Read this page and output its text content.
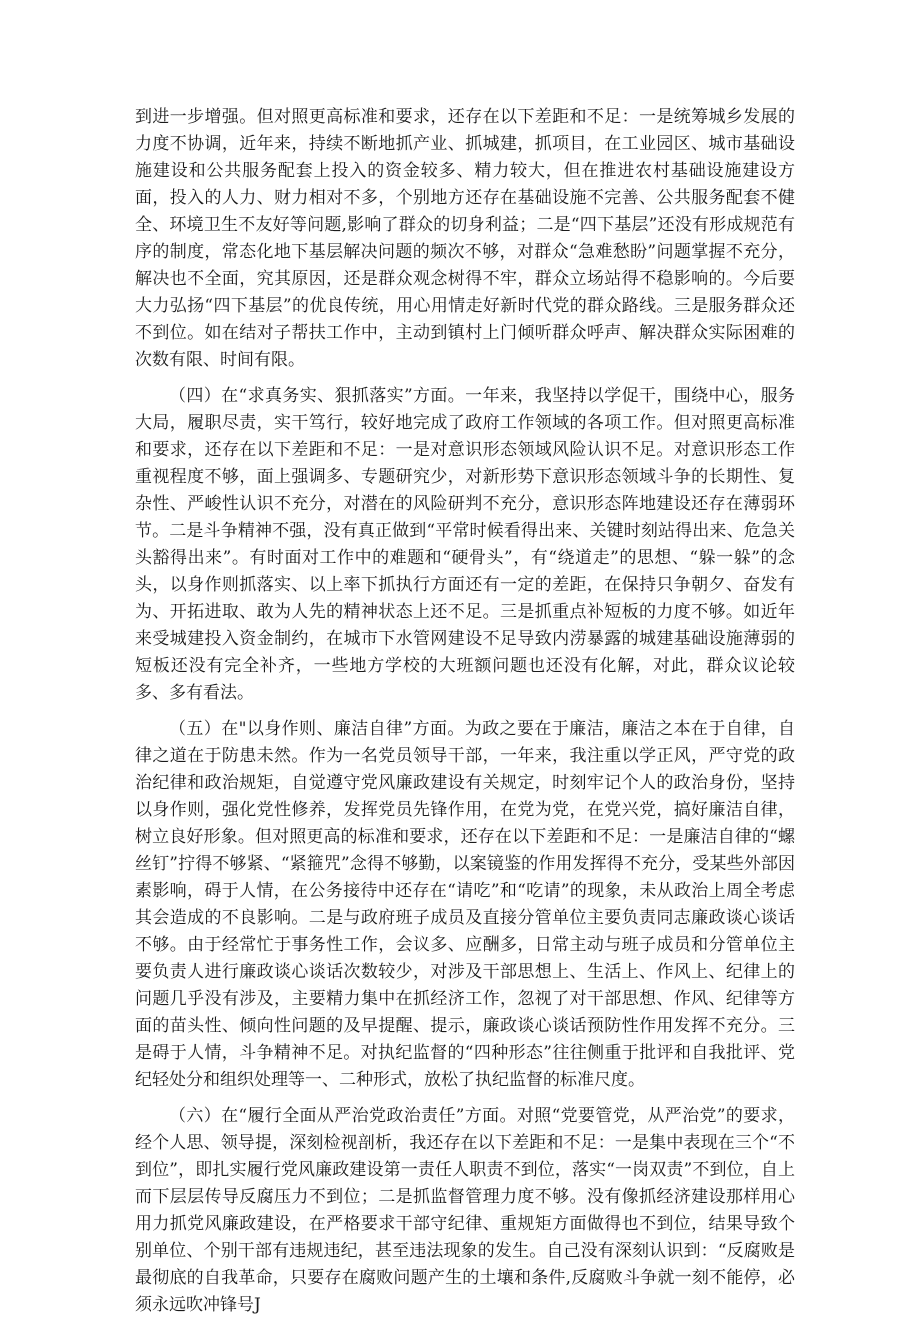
到进一步增强。但对照更高标准和要求，还存在以下差距和不足：一是统筹城乡发展的力度不协调，近年来，持续不断地抓产业、抓城建，抓项目，在工业园区、城市基础设施建设和公共服务配套上投入的资金较多、精力较大，但在推进农村基础设施建设方面，投入的人力、财力相对不多，个别地方还存在基础设施不完善、公共服务配套不健全、环境卫生不友好等问题,影响了群众的切身利益；二是“四下基层”还没有形成规范有序的制度，常态化地下基层解决问题的频次不够，对群众“急难愁盼”问题掌握不充分，解决也不全面，究其原因，还是群众观念树得不牢，群众立场站得不稳影响的。今后要大力弘扬“四下基层”的优良传统，用心用情走好新时代党的群众路线。三是服务群众还不到位。如在结对子帮扶工作中，主动到镇村上门倾听群众呼声、解决群众实际困难的次数有限、时间有限。

（四）在“求真务实、狠抓落实”方面。一年来，我坚持以学促干，围绕中心，服务大局，履职尽责，实干笃行，较好地完成了政府工作领域的各项工作。但对照更高标准和要求，还存在以下差距和不足：一是对意识形态领域风险认识不足。对意识形态工作重视程度不够，面上强调多、专题研究少，对新形势下意识形态领域斗争的长期性、复杂性、严峻性认识不充分，对潜在的风险研判不充分，意识形态阵地建设还存在薄弱环节。二是斗争精神不强，没有真正做到“平常时候看得出来、关键时刻站得出来、危急关头豁得出来”。有时面对工作中的难题和“硬骨头”，有“绕道走”的思想、“躲一躲”的念头，以身作则抓落实、以上率下抓执行方面还有一定的差距，在保持只争朝夕、奋发有为、开拓进取、敢为人先的精神状态上还不足。三是抓重点补短板的力度不够。如近年来受城建投入资金制约，在城市下水管网建设不足导致内涝暴露的城建基础设施薄弱的短板还没有完全补齐，一些地方学校的大班额问题也还没有化解，对此，群众议论较多、多有看法。

（五）在"以身作则、廉洁自律”方面。为政之要在于廉洁，廉洁之本在于自律，自律之道在于防患未然。作为一名党员领导干部，一年来，我注重以学正风，严守党的政治纪律和政治规矩，自觉遵守党风廉政建设有关规定，时刻牢记个人的政治身份，坚持以身作则，强化党性修养，发挥党员先锋作用，在党为党，在党兴党，搞好廉洁自律，树立良好形象。但对照更高的标准和要求，还存在以下差距和不足：一是廉洁自律的“螺丝钉”拧得不够紧、“紧箍咒”念得不够勤，以案镜鉴的作用发挥得不充分，受某些外部因素影响，碍于人情，在公务接待中还存在“请吃”和“吃请”的现象，未从政治上周全考虑其会造成的不良影响。二是与政府班子成员及直接分管单位主要负责同志廉政谈心谈话不够。由于经常忙于事务性工作，会议多、应酬多，日常主动与班子成员和分管单位主要负责人进行廉政谈心谈话次数较少，对涉及干部思想上、生活上、作风上、纪律上的问题几乎没有涉及，主要精力集中在抓经济工作，忽视了对干部思想、作风、纪律等方面的苗头性、倾向性问题的及早提醒、提示，廉政谈心谈话预防性作用发挥不充分。三是碍于人情，斗争精神不足。对执纪监督的“四种形态”往往侧重于批评和自我批评、党纪轻处分和组织处理等一、二种形式，放松了执纪监督的标准尺度。

（六）在“履行全面从严治党政治责任”方面。对照“党要管党，从严治党”的要求，经个人思、领导提，深刻检视剖析，我还存在以下差距和不足：一是集中表现在三个“不到位”，即扎实履行党风廉政建设第一责任人职责不到位，落实“一岗双责”不到位，自上而下层层传导反腐压力不到位；二是抓监督管理力度不够。没有像抓经济建设那样用心用力抓党风廉政建设，在严格要求干部守纪律、重规矩方面做得也不到位，结果导致个别单位、个别干部有违规违纪，甚至违法现象的发生。自己没有深刻认识到：“反腐败是最彻底的自我革命，只要存在腐败问题产生的土壤和条件,反腐败斗争就一刻不能停，必须永远吹冲锋号J
